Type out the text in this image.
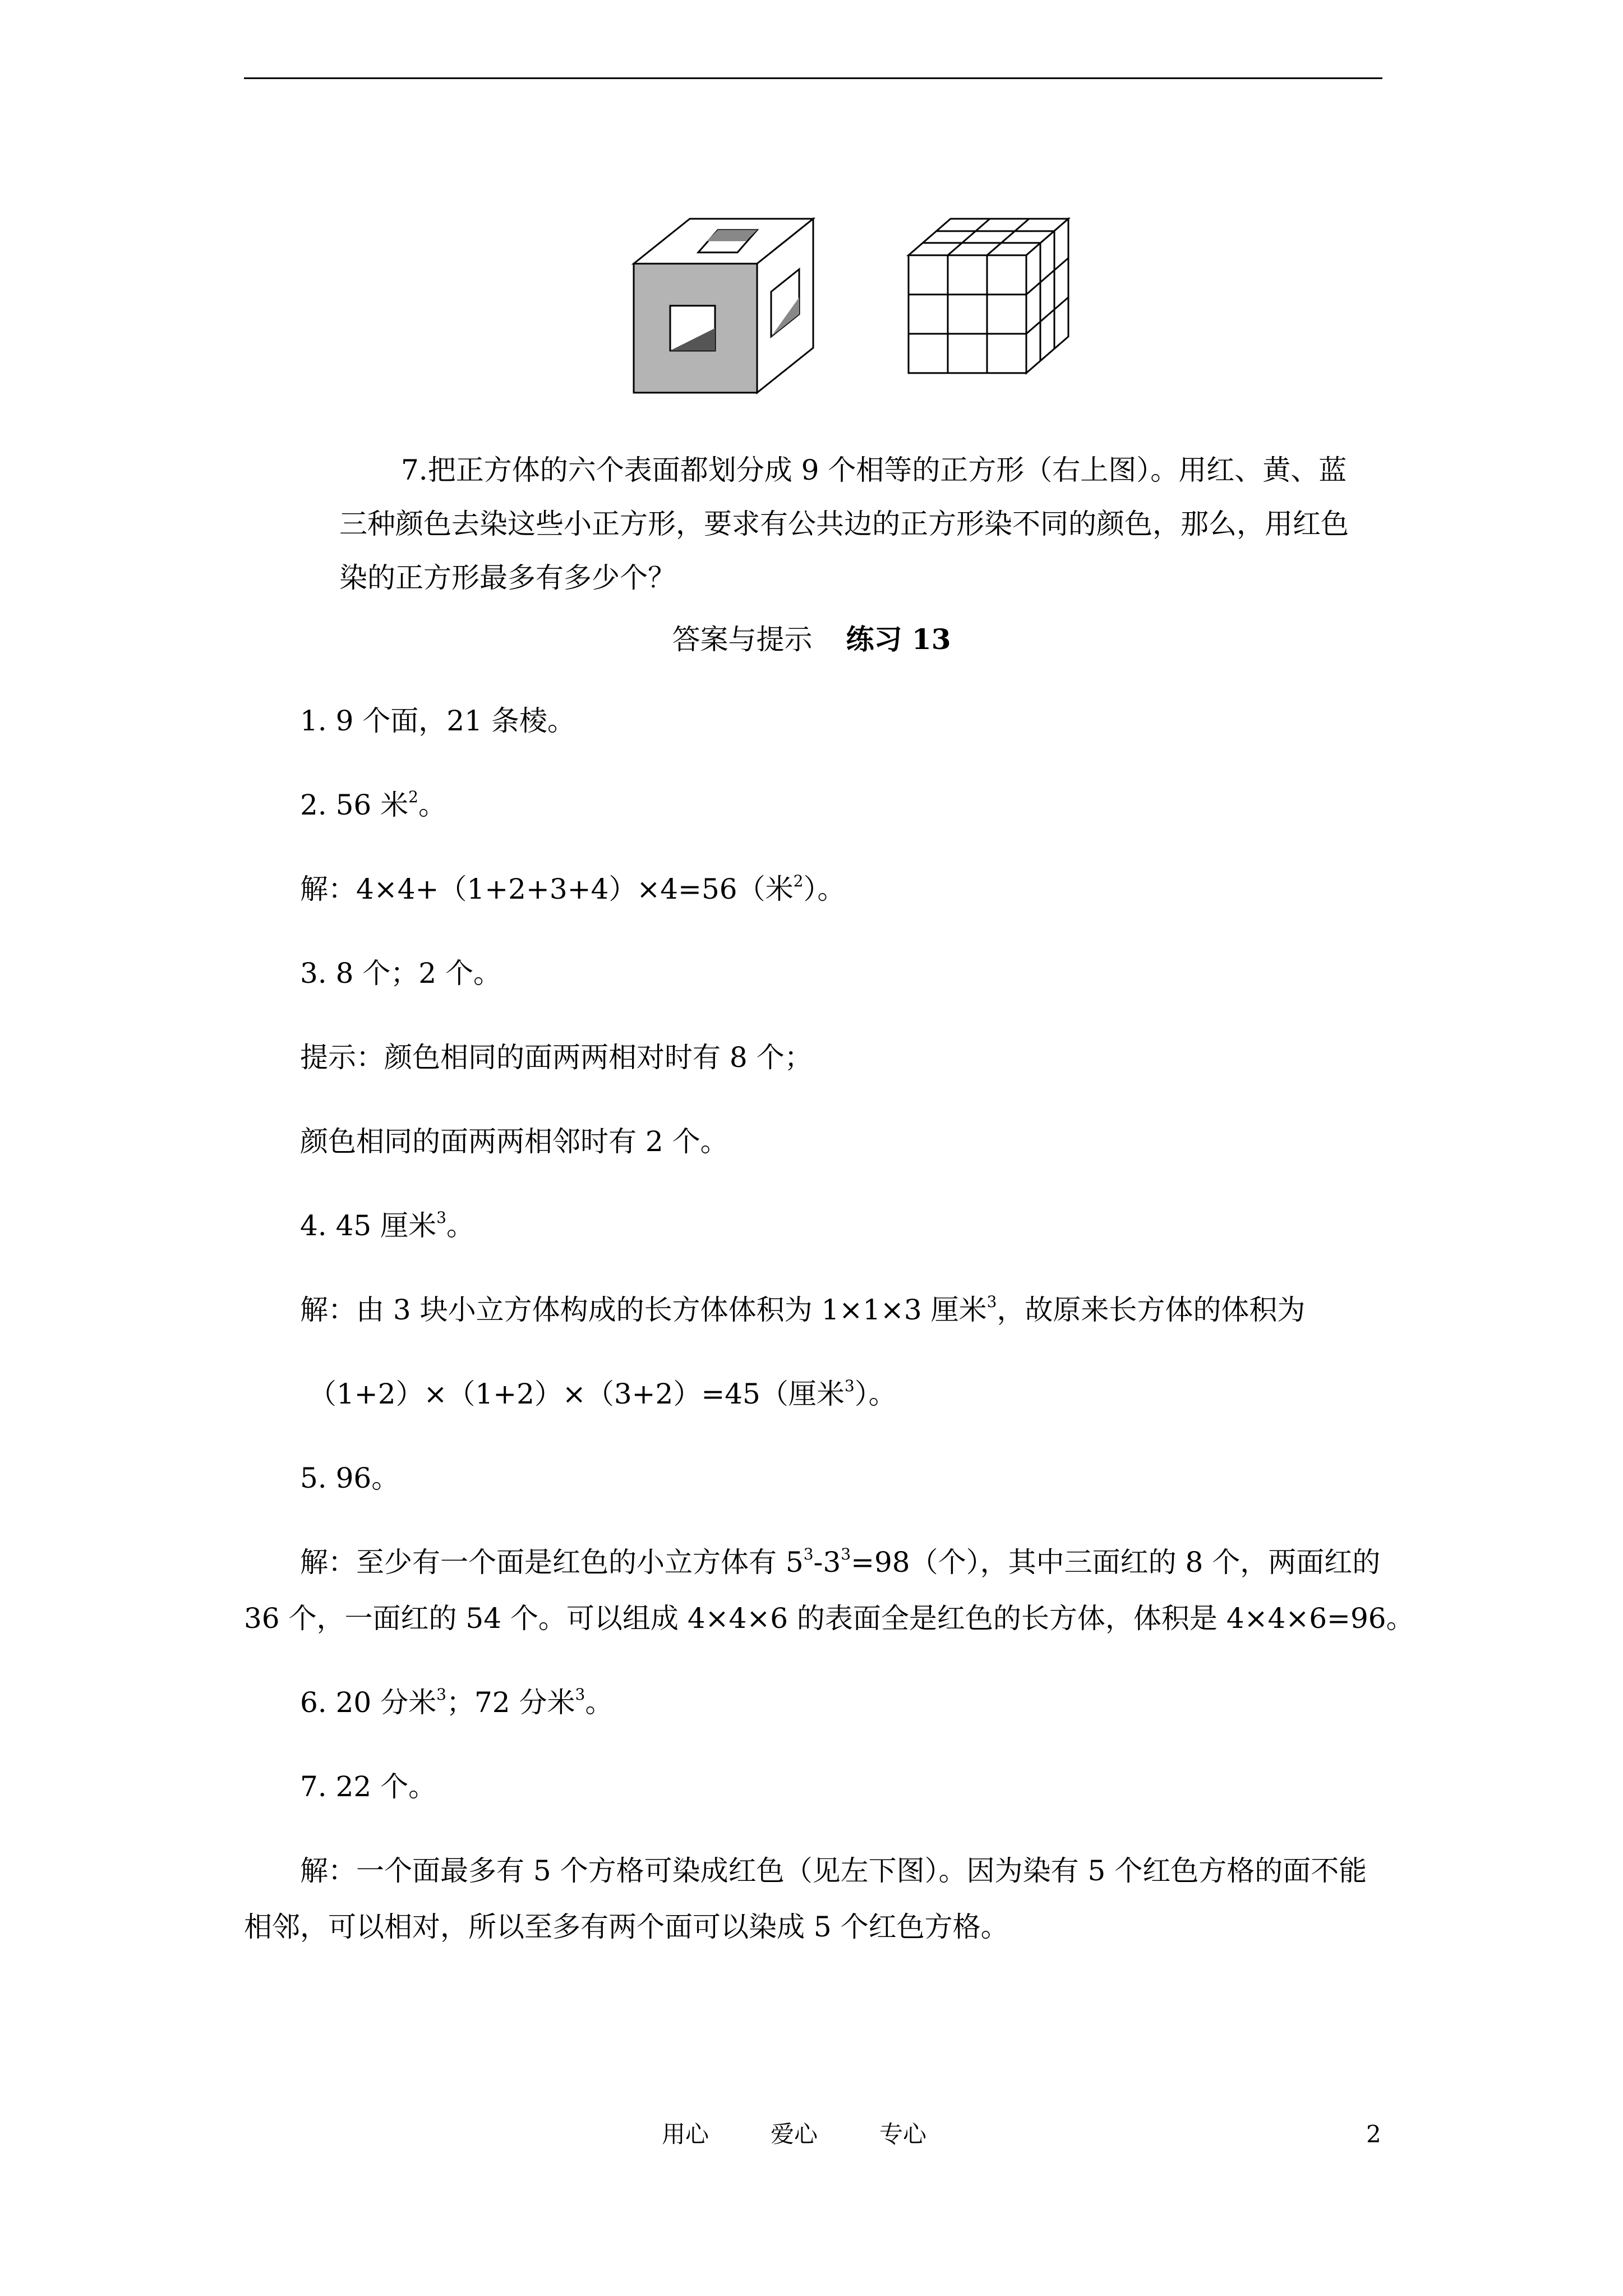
7.把正方体的六个表面都划分成 9 个相等的正方形（右上图）。用红、黄、蓝
三种颜色去染这些小正方形，要求有公共边的正方形染不同的颜色，那么，用红色
染的正方形最多有多少个？
答案与提示 练习 13
1. 9 个面，21 条棱。
2. 56 米$^2$。
解：4×4+（1+2+3+4）×4=56（米$^2$）。
3. 8 个；2 个。
提示：颜色相同的面两两相对时有 8 个；
颜色相同的面两两相邻时有 2 个。
4. 45 厘米$^3$。
解：由 3 块小立方体构成的长方体体积为 1×1×3 厘米$^3$，故原来长方体的体积为
（1+2）×（1+2）×（3+2）=45（厘米$^3$）。
5. 96。
解：至少有一个面是红色的小立方体有 $5^3-3^3=98$（个），其中三面红的 8 个，两面红的
36 个，一面红的 54 个。可以组成 4×4×6 的表面全是红色的长方体，体积是 4×4×6=96。
6. 20 分米$^3$；72 分米$^3$。
7. 22 个。
解：一个面最多有 5 个方格可染成红色（见左下图）。因为染有 5 个红色方格的面不能
相邻，可以相对，所以至多有两个面可以染成 5 个红色方格。
用心	爱心	专心	2
